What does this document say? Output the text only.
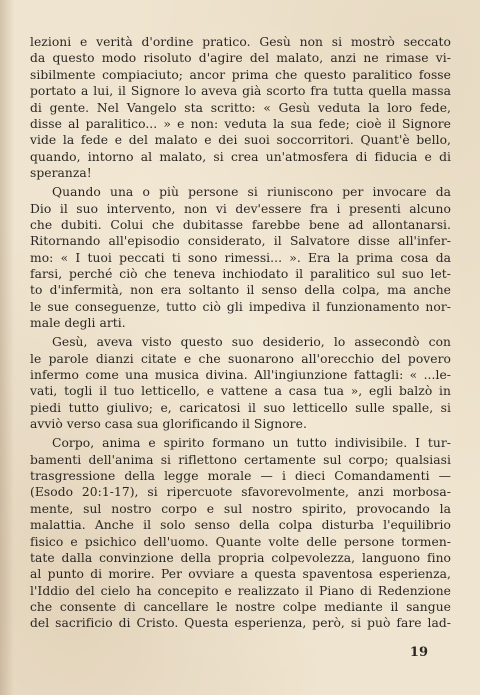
lezioni e verità d'ordine pratico. Gesù non si mostrò seccato
da questo modo risoluto d'agire del malato, anzi ne rimase vi-
sibilmente compiaciuto; ancor prima che questo paralitico fosse
portato a lui, il Signore lo aveva già scorto fra tutta quella massa
di gente. Nel Vangelo sta scritto: « Gesù veduta la loro fede,
disse al paralitico... » e non: veduta la sua fede; cioè il Signore
vide la fede e del malato e dei suoi soccorritori. Quant'è bello,
quando, intorno al malato, si crea un'atmosfera di fiducia e di
speranza!
Quando una o più persone si riuniscono per invocare da
Dio il suo intervento, non vi dev'essere fra i presenti alcuno
che dubiti. Colui che dubitasse farebbe bene ad allontanarsi.
Ritornando all'episodio considerato, il Salvatore disse all'infer-
mo: « I tuoi peccati ti sono rimessi... ». Era la prima cosa da
farsi, perché ciò che teneva inchiodato il paralitico sul suo let-
to d'infermità, non era soltanto il senso della colpa, ma anche
le sue conseguenze, tutto ciò gli impediva il funzionamento nor-
male degli arti.
Gesù, aveva visto questo suo desiderio, lo assecondò con
le parole dianzi citate e che suonarono all'orecchio del povero
infermo come una musica divina. All'ingiunzione fattagli: « ...le-
vati, togli il tuo letticello, e vattene a casa tua », egli balzò in
piedi tutto giulivo; e, caricatosi il suo letticello sulle spalle, si
avviò verso casa sua glorificando il Signore.
Corpo, anima e spirito formano un tutto indivisibile. I tur-
bamenti dell'anima si riflettono certamente sul corpo; qualsiasi
trasgressione della legge morale — i dieci Comandamenti —
(Esodo 20:1-17), si ripercuote sfavorevolmente, anzi morbosa-
mente, sul nostro corpo e sul nostro spirito, provocando la
malattia. Anche il solo senso della colpa disturba l'equilibrio
fisico e psichico dell'uomo. Quante volte delle persone tormen-
tate dalla convinzione della propria colpevolezza, languono fino
al punto di morire. Per ovviare a questa spaventosa esperienza,
l'Iddio del cielo ha concepito e realizzato il Piano di Redenzione
che consente di cancellare le nostre colpe mediante il sangue
del sacrificio di Cristo. Questa esperienza, però, si può fare lad-
19
